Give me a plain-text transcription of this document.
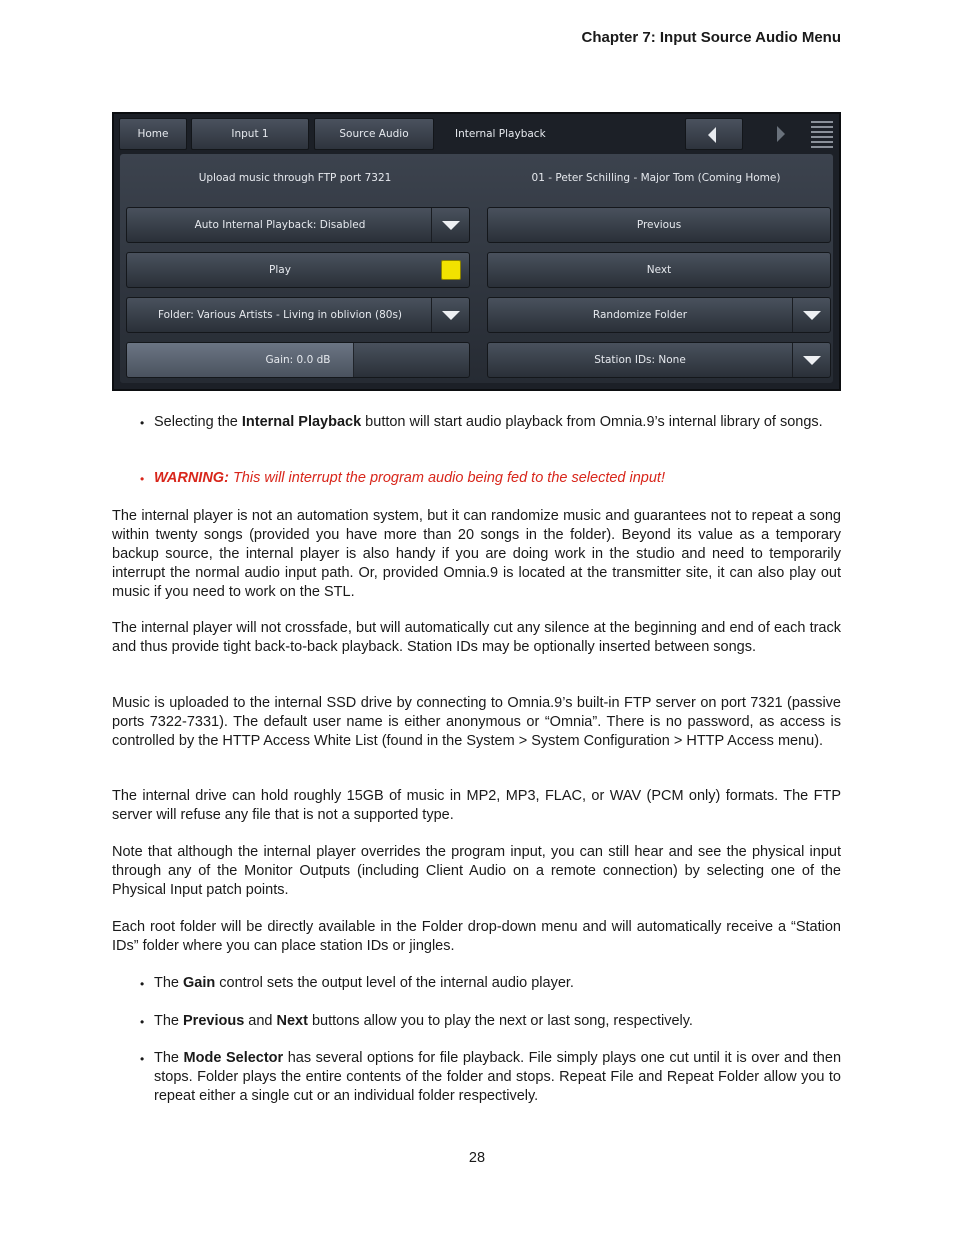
Chapter 7: Input Source Audio Menu
Home	Input 1	Source Audio	Internal Playback
Upload music through FTP port 7321	01 - Peter Schilling - Major Tom (Coming Home)
Auto Internal Playback: Disabled	Previous
Play	Next
Folder: Various Artists - Living in oblivion (80s)	Randomize Folder
Gain: 0.0 dB	Station IDs: None
• Selecting the Internal Playback button will start audio playback from Omnia.9’s internal library of songs.
• WARNING: This will interrupt the program audio being fed to the selected input!
The internal player is not an automation system, but it can randomize music and guarantees not to repeat a song within twenty songs (provided you have more than 20 songs in the folder). Beyond its value as a temporary backup source, the internal player is also handy if you are doing work in the studio and need to temporarily interrupt the normal audio input path. Or, provided Omnia.9 is located at the transmitter site, it can also play out music if you need to work on the STL.
The internal player will not crossfade, but will automatically cut any silence at the beginning and end of each track and thus provide tight back-to-back playback. Station IDs may be optionally inserted between songs.
Music is uploaded to the internal SSD drive by connecting to Omnia.9’s built-in FTP server on port 7321 (passive ports 7322-7331). The default user name is either anonymous or “Omnia”. There is no password, as access is controlled by the HTTP Access White List (found in the System > System Configuration > HTTP Access menu).
The internal drive can hold roughly 15GB of music in MP2, MP3, FLAC, or WAV (PCM only) formats. The FTP server will refuse any file that is not a supported type.
Note that although the internal player overrides the program input, you can still hear and see the physical input through any of the Monitor Outputs (including Client Audio on a remote connection) by selecting one of the Physical Input patch points.
Each root folder will be directly available in the Folder drop-down menu and will automatically receive a “Station IDs” folder where you can place station IDs or jingles.
• The Gain control sets the output level of the internal audio player.
• The Previous and Next buttons allow you to play the next or last song, respectively.
• The Mode Selector has several options for file playback. File simply plays one cut until it is over and then stops. Folder plays the entire contents of the folder and stops. Repeat File and Repeat Folder allow you to repeat either a single cut or an individual folder respectively.
28
